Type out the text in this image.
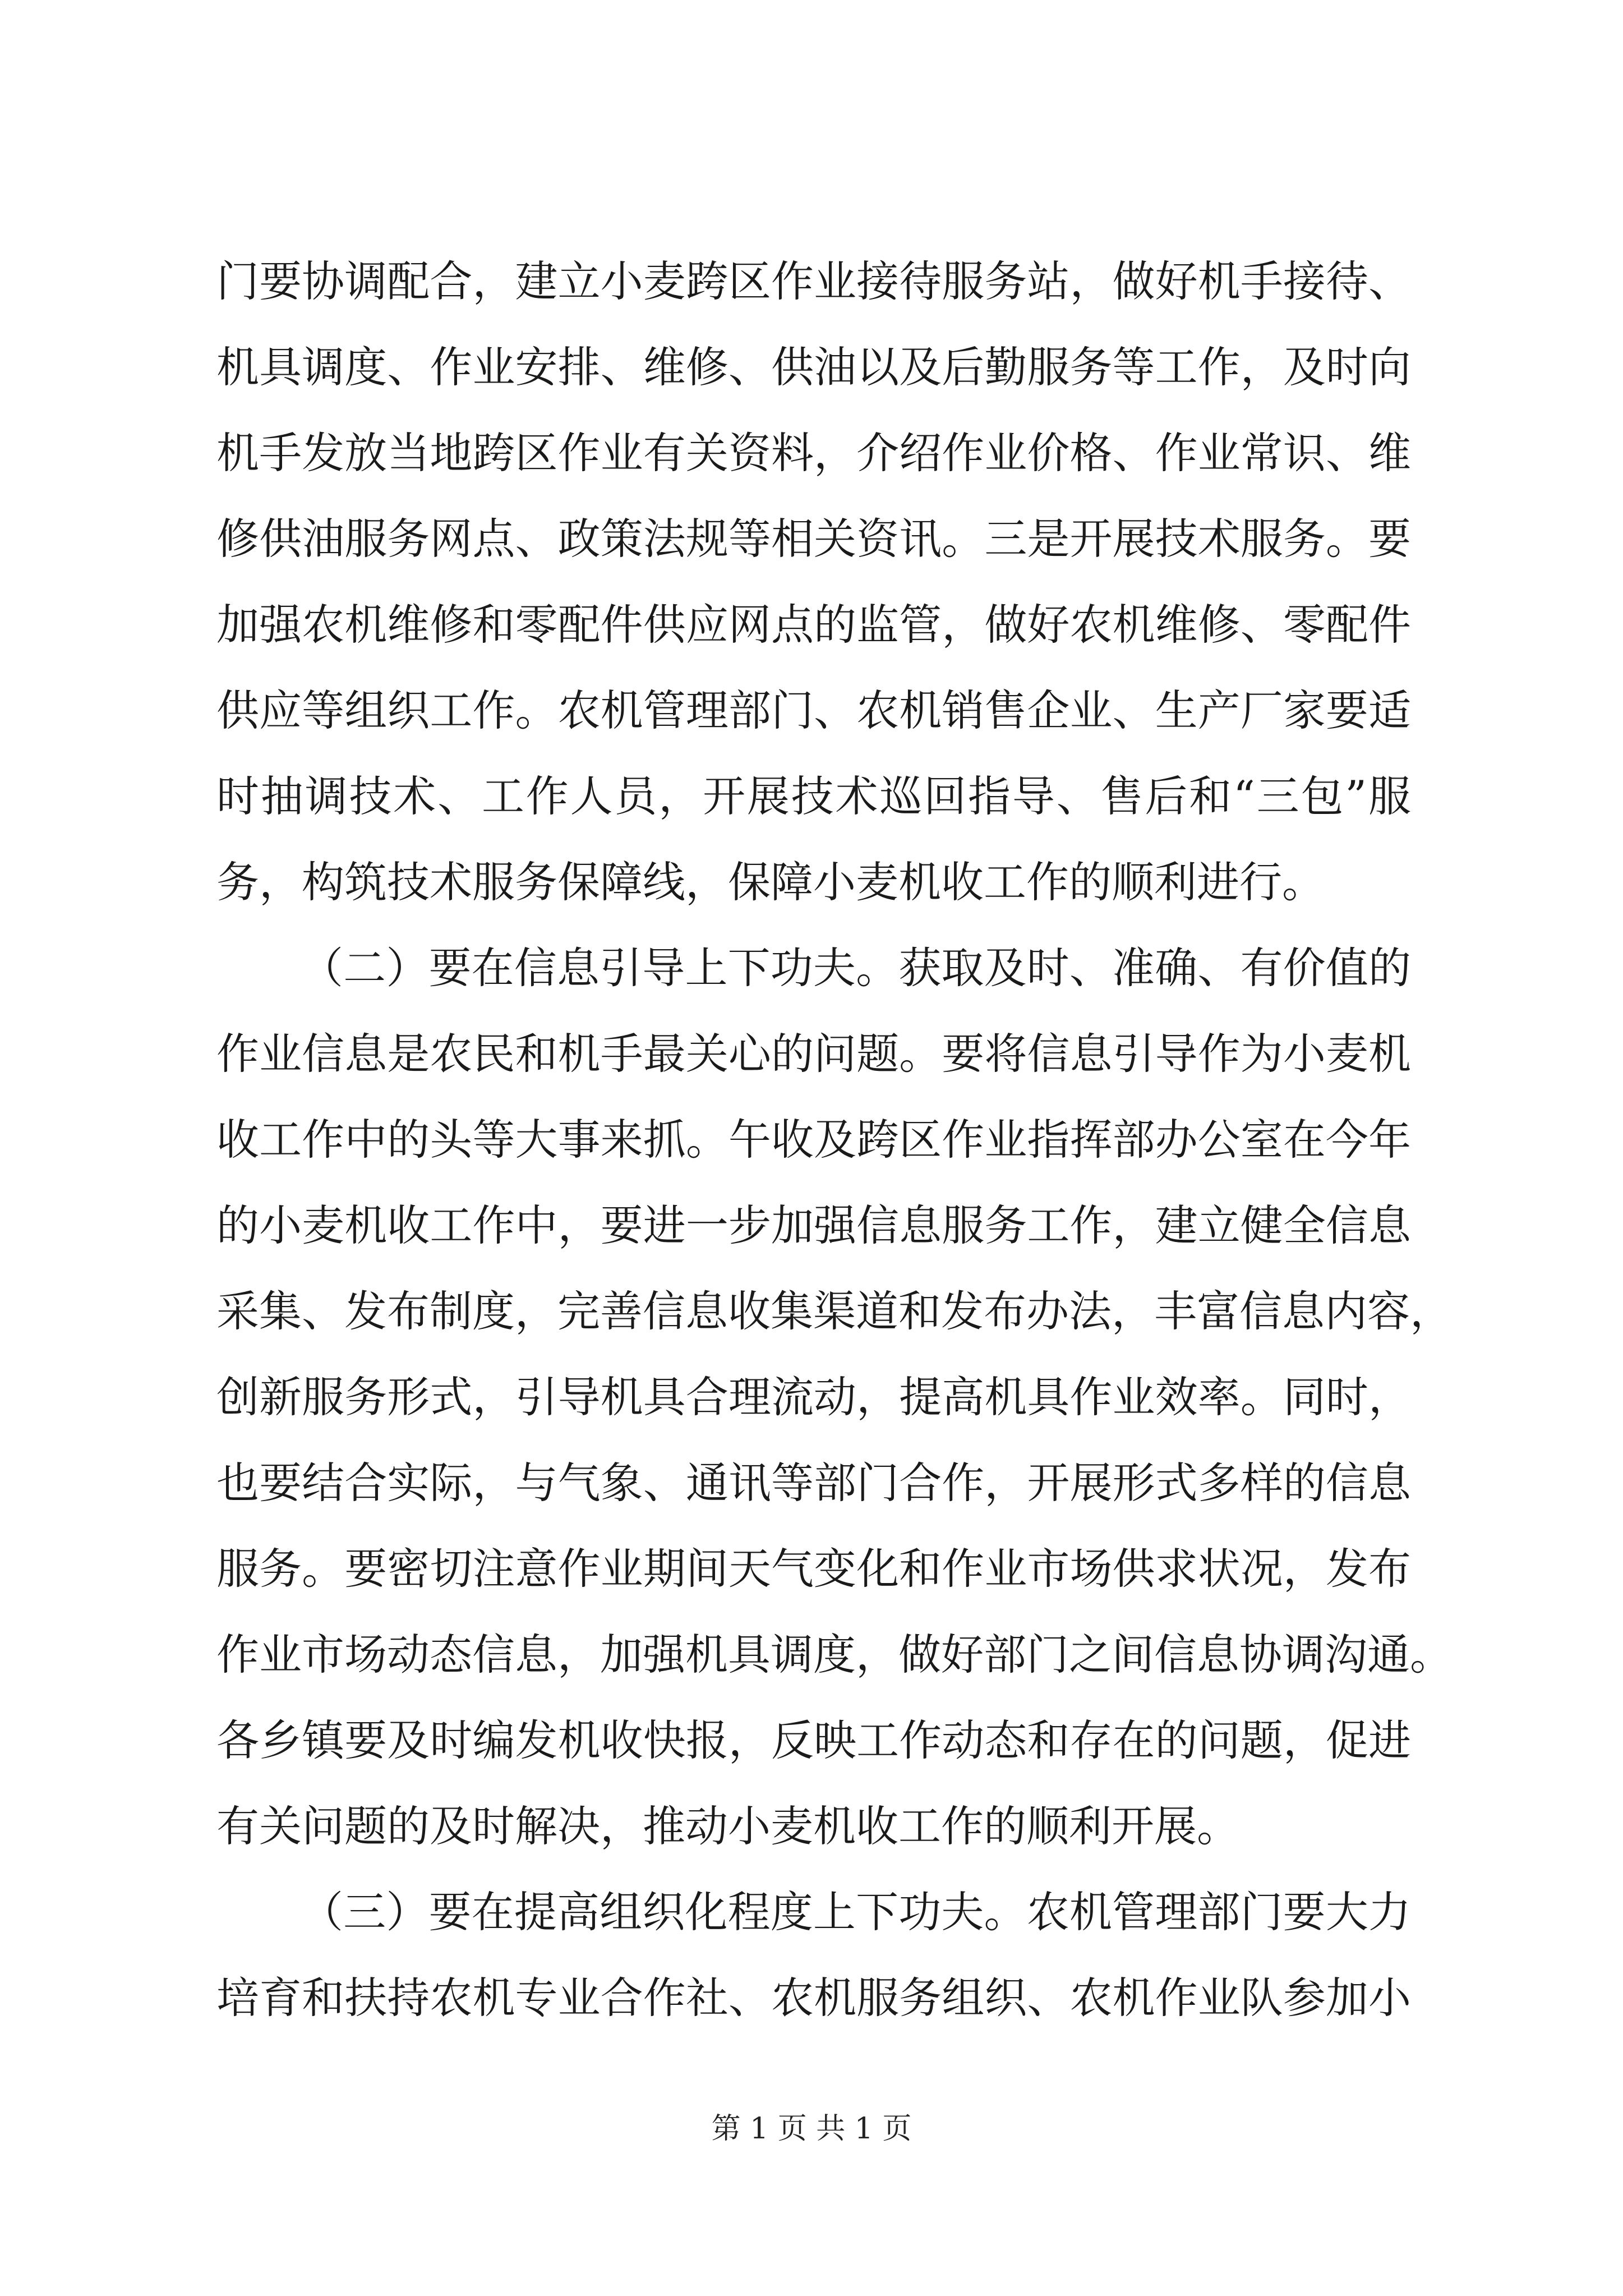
门要协调配合，建立小麦跨区作业接待服务站，做好机手接待、
机具调度、作业安排、维修、供油以及后勤服务等工作，及时向
机手发放当地跨区作业有关资料，介绍作业价格、作业常识、维
修供油服务网点、政策法规等相关资讯。三是开展技术服务。要
加强农机维修和零配件供应网点的监管，做好农机维修、零配件
供应等组织工作。农机管理部门、农机销售企业、生产厂家要适
时抽调技术、工作人员，开展技术巡回指导、售后和“三包”服
务，构筑技术服务保障线，保障小麦机收工作的顺利进行。
（二）要在信息引导上下功夫。获取及时、准确、有价值的
作业信息是农民和机手最关心的问题。要将信息引导作为小麦机
收工作中的头等大事来抓。午收及跨区作业指挥部办公室在今年
的小麦机收工作中，要进一步加强信息服务工作，建立健全信息
采集、发布制度，完善信息收集渠道和发布办法，丰富信息内容，
创新服务形式，引导机具合理流动，提高机具作业效率。同时，
也要结合实际，与气象、通讯等部门合作，开展形式多样的信息
服务。要密切注意作业期间天气变化和作业市场供求状况，发布
作业市场动态信息，加强机具调度，做好部门之间信息协调沟通。
各乡镇要及时编发机收快报，反映工作动态和存在的问题，促进
有关问题的及时解决，推动小麦机收工作的顺利开展。
（三）要在提高组织化程度上下功夫。农机管理部门要大力
培育和扶持农机专业合作社、农机服务组织、农机作业队参加小
第 1 页 共 1 页
